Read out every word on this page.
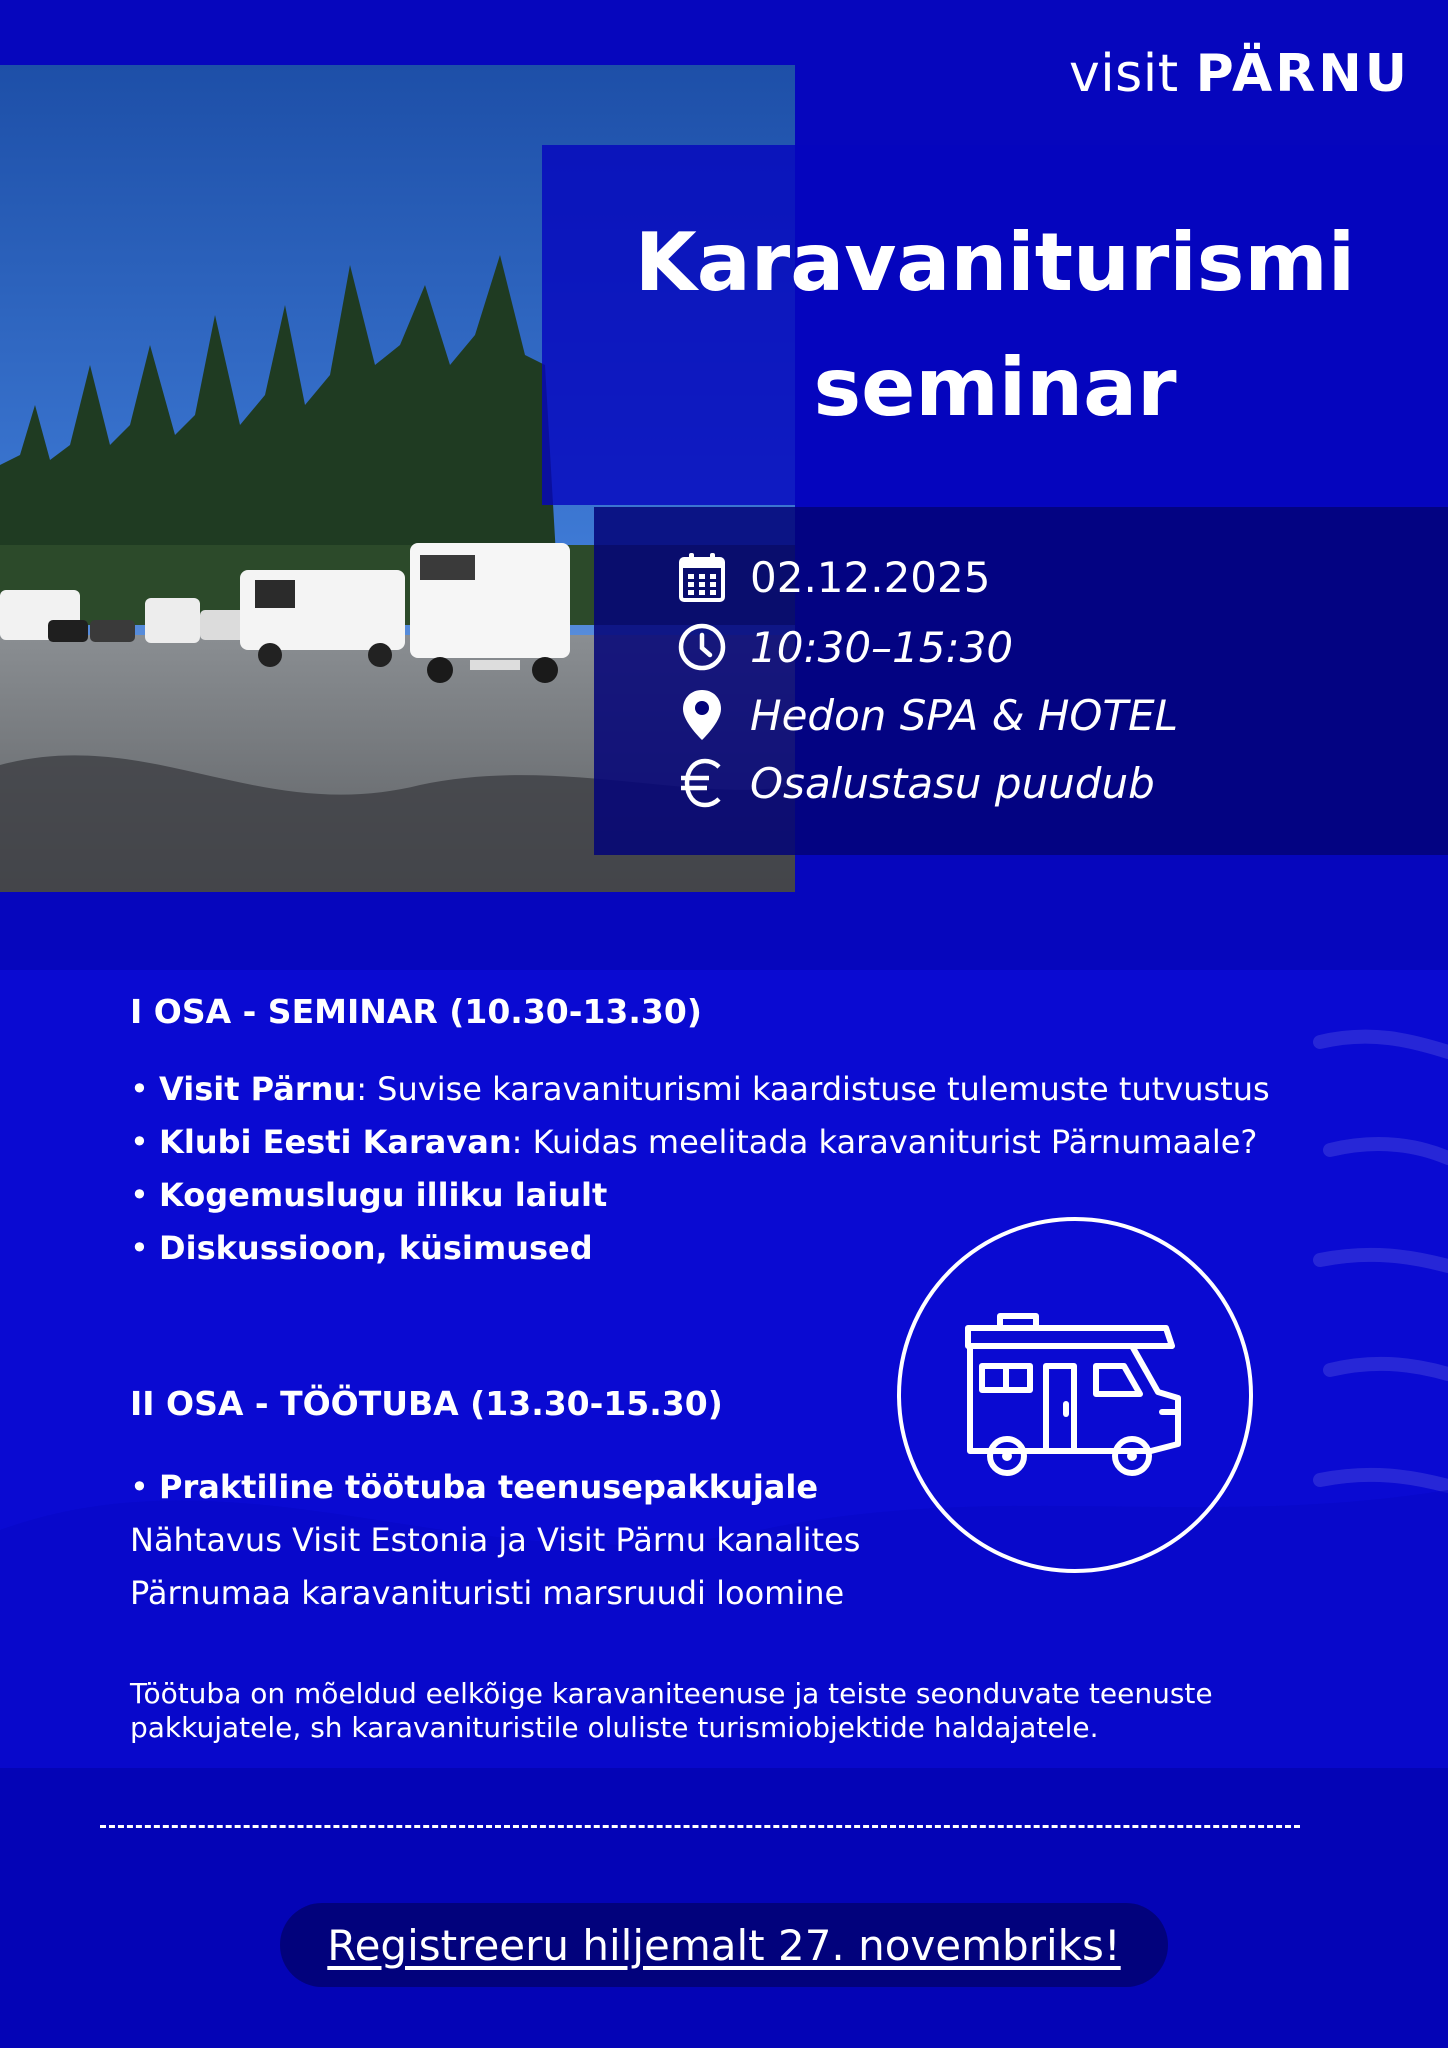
visit PÄRNU
Karavaniturismi
seminar
02.12.2025
10:30–15:30
Hedon SPA & HOTEL
Osalustasu puudub
I OSA - SEMINAR (10.30-13.30)
• Visit Pärnu: Suvise karavaniturismi kaardistuse tulemuste tutvustus
• Klubi Eesti Karavan: Kuidas meelitada karavaniturist Pärnumaale?
• Kogemuslugu illiku laiult
• Diskussioon, küsimused
II OSA - TÖÖTUBA (13.30-15.30)
• Praktiline töötuba teenusepakkujale
Nähtavus Visit Estonia ja Visit Pärnu kanalites
Pärnumaa karavanituristi marsruudi loomine
Töötuba on mõeldud eelkõige karavaniteenuse ja teiste seonduvate teenuste pakkujatele, sh karavanituristile oluliste turismiobjektide haldajatele.
Registreeru hiljemalt 27. novembriks!
